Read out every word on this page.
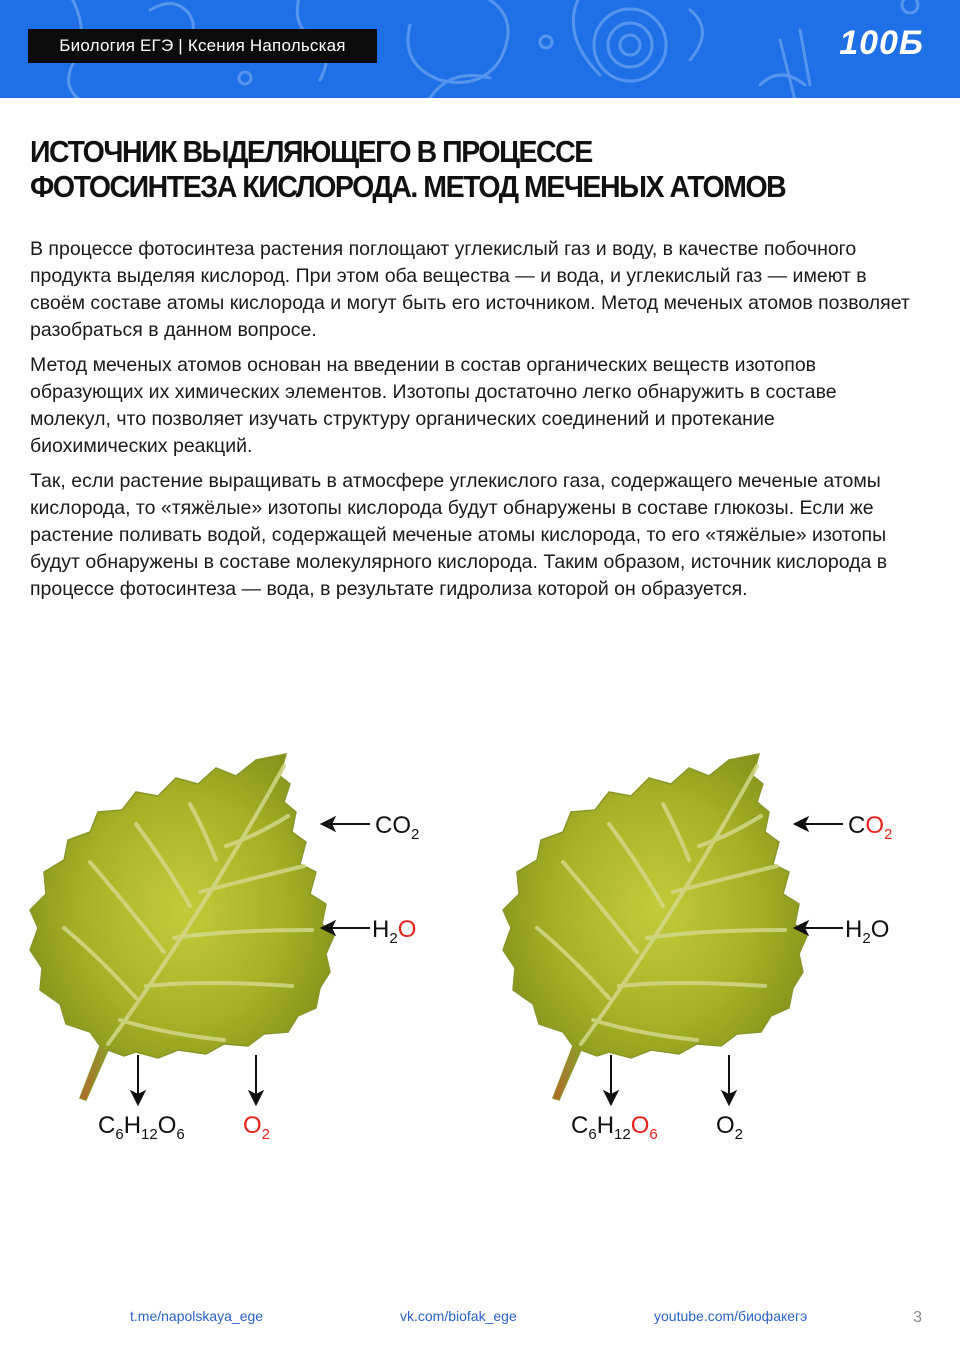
Биология ЕГЭ | Ксения Напольская	100Б
ИСТОЧНИК ВЫДЕЛЯЮЩЕГО В ПРОЦЕССЕ
ФОТОСИНТЕЗА КИСЛОРОДА. МЕТОД МЕЧЕНЫХ АТОМОВ

В процессе фотосинтеза растения поглощают углекислый газ и воду, в качестве побочного продукта выделяя кислород. При этом оба вещества — и вода, и углекислый газ — имеют в своём составе атомы кислорода и могут быть его источником. Метод меченых атомов позволяет разобраться в данном вопросе.

Метод меченых атомов основан на введении в состав органических веществ изотопов образующих их химических элементов. Изотопы достаточно легко обнаружить в составе молекул, что позволяет изучать структуру органических соединений и протекание биохимических реакций.

Так, если растение выращивать в атмосфере углекислого газа, содержащего меченые атомы кислорода, то «тяжёлые» изотопы кислорода будут обнаружены в составе глюкозы. Если же растение поливать водой, содержащей меченые атомы кислорода, то его «тяжёлые» изотопы будут обнаружены в составе молекулярного кислорода. Таким образом, источник кислорода в процессе фотосинтеза — вода, в результате гидролиза которой он образуется.

$CO_2$
$H_2O$
$C_6H_{12}O_6$ $O_2$
$CO_2$
$H_2O$
$C_6H_{12}O_6$ $O_2$
t.me/napolskaya_ege	vk.com/biofak_ege	youtube.com/биофакегэ	3
